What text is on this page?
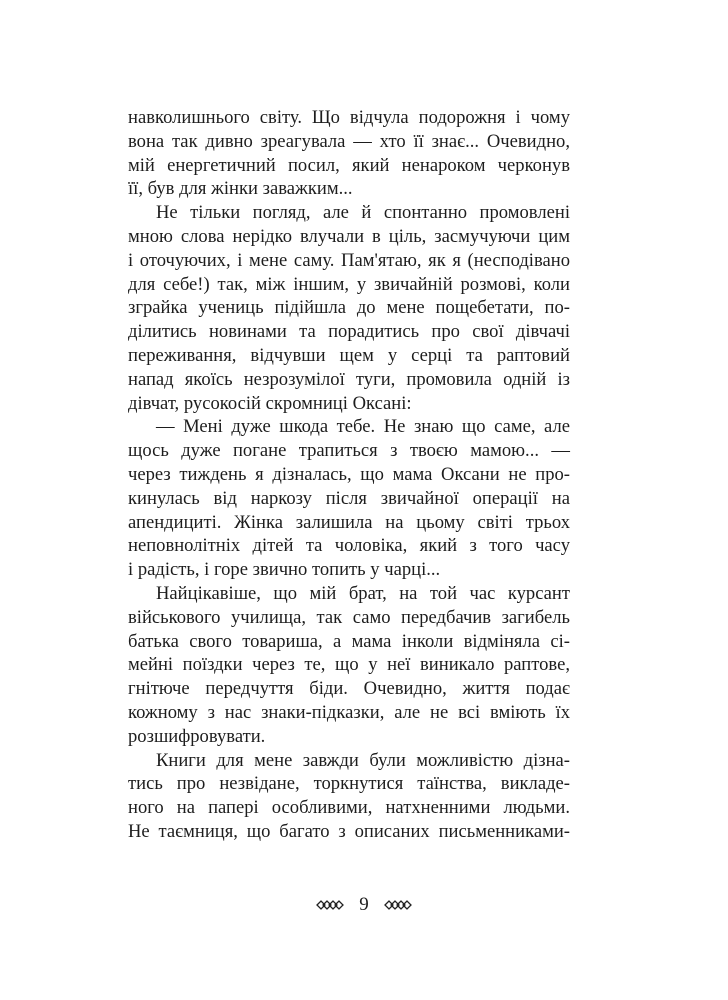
навколишнього світу. Що відчула подорожня і чому
вона так дивно зреагувала — хто її знає... Очевидно,
мій енергетичний посил, який ненароком черконув
її, був для жінки заважким...
Не тільки погляд, але й спонтанно промовлені
мною слова нерідко влучали в ціль, засмучуючи цим
і оточуючих, і мене саму. Пам'ятаю, як я (несподівано
для себе!) так, між іншим, у звичайній розмові, коли
зграйка учениць підійшла до мене пощебетати, по-
ділитись новинами та порадитись про свої дівчачі
переживання, відчувши щем у серці та раптовий
напад якоїсь незрозумілої туги, промовила одній із
дівчат, русокосій скромниці Оксані:
— Мені дуже шкода тебе. Не знаю що саме, але
щось дуже погане трапиться з твоєю мамою... —
через тиждень я дізналась, що мама Оксани не про-
кинулась від наркозу після звичайної операції на
апендициті. Жінка залишила на цьому світі трьох
неповнолітніх дітей та чоловіка, який з того часу
і радість, і горе звично топить у чарці...
Найцікавіше, що мій брат, на той час курсант
військового училища, так само передбачив загибель
батька свого товариша, а мама інколи відміняла сі-
мейні поїздки через те, що у неї виникало раптове,
гнітюче передчуття біди. Очевидно, життя подає
кожному з нас знаки-підказки, але не всі вміють їх
розшифровувати.
Книги для мене завжди були можливістю дізна-
тись про незвідане, торкнутися таїнства, викладе-
ного на папері особливими, натхненними людьми.
Не таємниця, що багато з описаних письменниками-
9
